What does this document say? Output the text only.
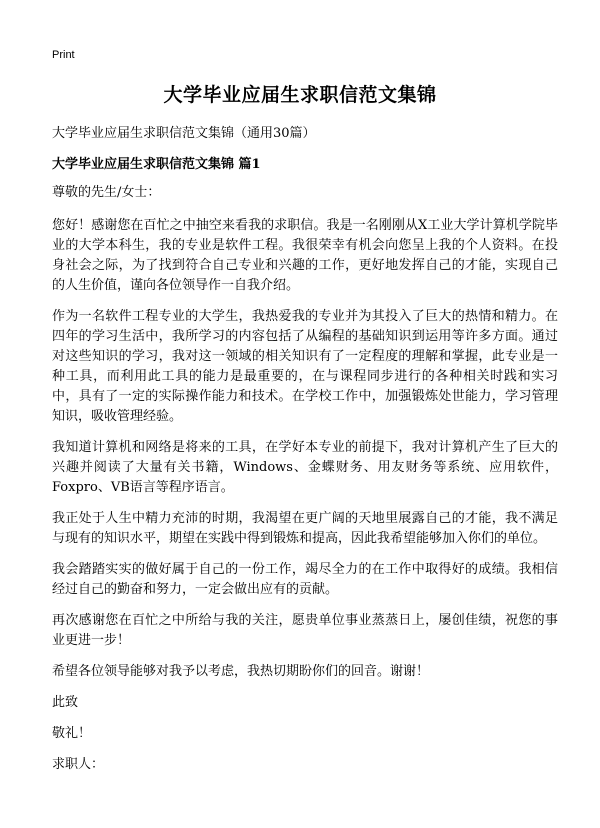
Print
大学毕业应届生求职信范文集锦
大学毕业应届生求职信范文集锦（通用30篇）
大学毕业应届生求职信范文集锦 篇1

尊敬的先生/女士：

您好！感谢您在百忙之中抽空来看我的求职信。我是一名刚刚从X工业大学计算机学院毕业的大学本科生，我的专业是软件工程。我很荣幸有机会向您呈上我的个人资料。在投身社会之际，为了找到符合自己专业和兴趣的工作，更好地发挥自己的才能，实现自己的人生价值，谨向各位领导作一自我介绍。

作为一名软件工程专业的大学生，我热爱我的专业并为其投入了巨大的热情和精力。在四年的学习生活中，我所学习的内容包括了从编程的基础知识到运用等许多方面。通过对这些知识的学习，我对这一领域的相关知识有了一定程度的理解和掌握，此专业是一种工具，而利用此工具的能力是最重要的，在与课程同步进行的各种相关时践和实习中，具有了一定的实际操作能力和技术。在学校工作中，加强锻炼处世能力，学习管理知识，吸收管理经验。

我知道计算机和网络是将来的工具，在学好本专业的前提下，我对计算机产生了巨大的兴趣并阅读了大量有关书籍，Windows、金蝶财务、用友财务等系统、应用软件，Foxpro、VB语言等程序语言。

我正处于人生中精力充沛的时期，我渴望在更广阔的天地里展露自己的才能，我不满足与现有的知识水平，期望在实践中得到锻炼和提高，因此我希望能够加入你们的单位。

我会踏踏实实的做好属于自己的一份工作，竭尽全力的在工作中取得好的成绩。我相信经过自己的勤奋和努力，一定会做出应有的贡献。

再次感谢您在百忙之中所给与我的关注，愿贵单位事业蒸蒸日上，屡创佳绩，祝您的事业更进一步！

希望各位领导能够对我予以考虑，我热切期盼你们的回音。谢谢！

此致

敬礼！

求职人：
